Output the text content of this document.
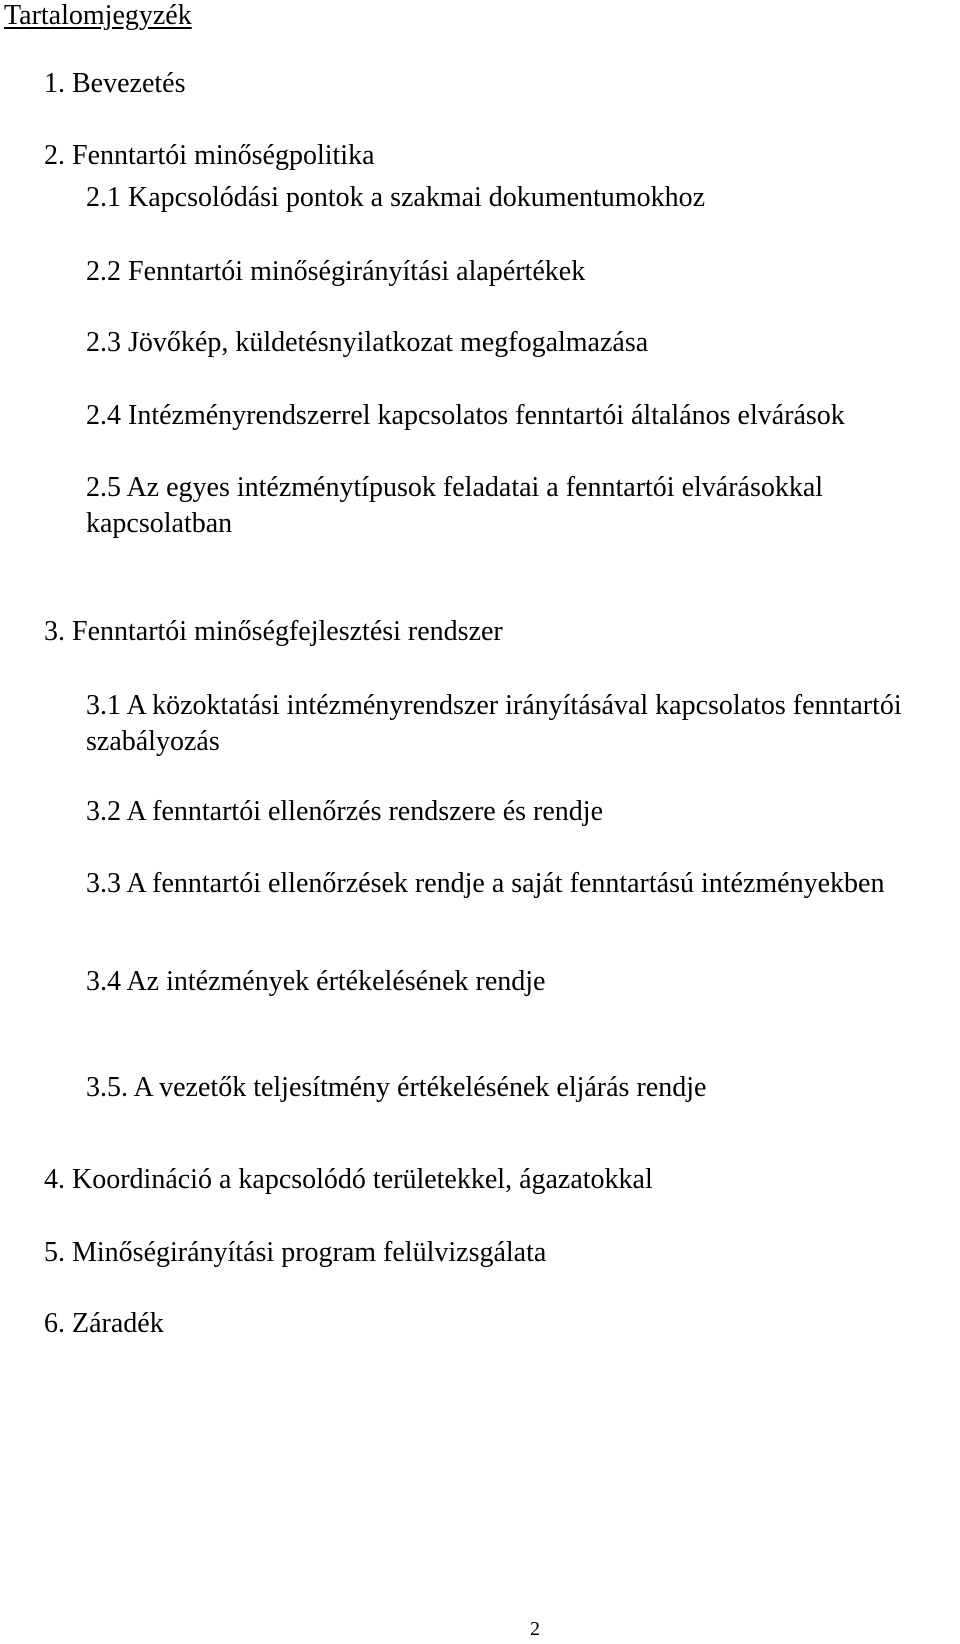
Tartalomjegyzék
1. Bevezetés
2. Fenntartói minőségpolitika
2.1 Kapcsolódási pontok a szakmai dokumentumokhoz
2.2 Fenntartói minőségirányítási alapértékek
2.3 Jövőkép, küldetésnyilatkozat megfogalmazása
2.4 Intézményrendszerrel kapcsolatos fenntartói általános elvárások
2.5 Az egyes intézménytípusok feladatai a fenntartói elvárásokkal kapcsolatban
3. Fenntartói minőségfejlesztési rendszer
3.1 A közoktatási intézményrendszer irányításával kapcsolatos fenntartói szabályozás
3.2 A fenntartói ellenőrzés rendszere és rendje
3.3 A fenntartói ellenőrzések rendje a saját fenntartású intézményekben
3.4 Az intézmények értékelésének rendje
3.5. A vezetők teljesítmény értékelésének eljárás rendje
4. Koordináció a kapcsolódó területekkel, ágazatokkal
5. Minőségirányítási program felülvizsgálata
6. Záradék
2
